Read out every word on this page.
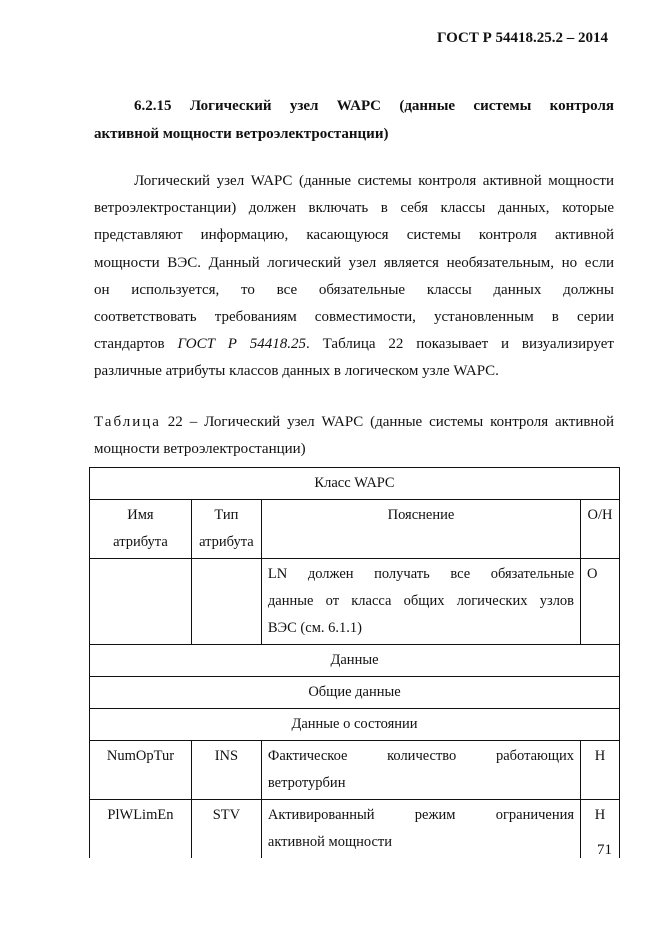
ГОСТ Р 54418.25.2 – 2014
6.2.15 Логический узел WAPC (данные системы контроля
активной мощности ветроэлектростанции)
Логический узел WAPC (данные системы контроля активной мощности
ветроэлектростанции) должен включать в себя классы данных, которые
представляют информацию, касающуюся системы контроля активной
мощности ВЭС. Данный логический узел является необязательным, но если
он используется, то все обязательные классы данных должны
соответствовать требованиям совместимости, установленным в серии
стандартов ГОСТ Р 54418.25. Таблица 22 показывает и визуализирует
различные атрибуты классов данных в логическом узле WAPC.
Таблица 22 – Логический узел WAPC (данные системы контроля активной
мощности ветроэлектростанции)
Класс WAPC

Имя
атрибута

Тип
атрибута
	Пояснение	О/Н

LN должен получать все обязательные
данные от класса общих логических узлов
ВЭС (см. 6.1.1)
	О
Данные
Общие данные
Данные о состоянии
NumOpTur	INS	Фактическое количество работающих
ветротурбин
	Н
PlWLimEn	STV	Активированный режим ограничения
активной мощности
	Н
71
